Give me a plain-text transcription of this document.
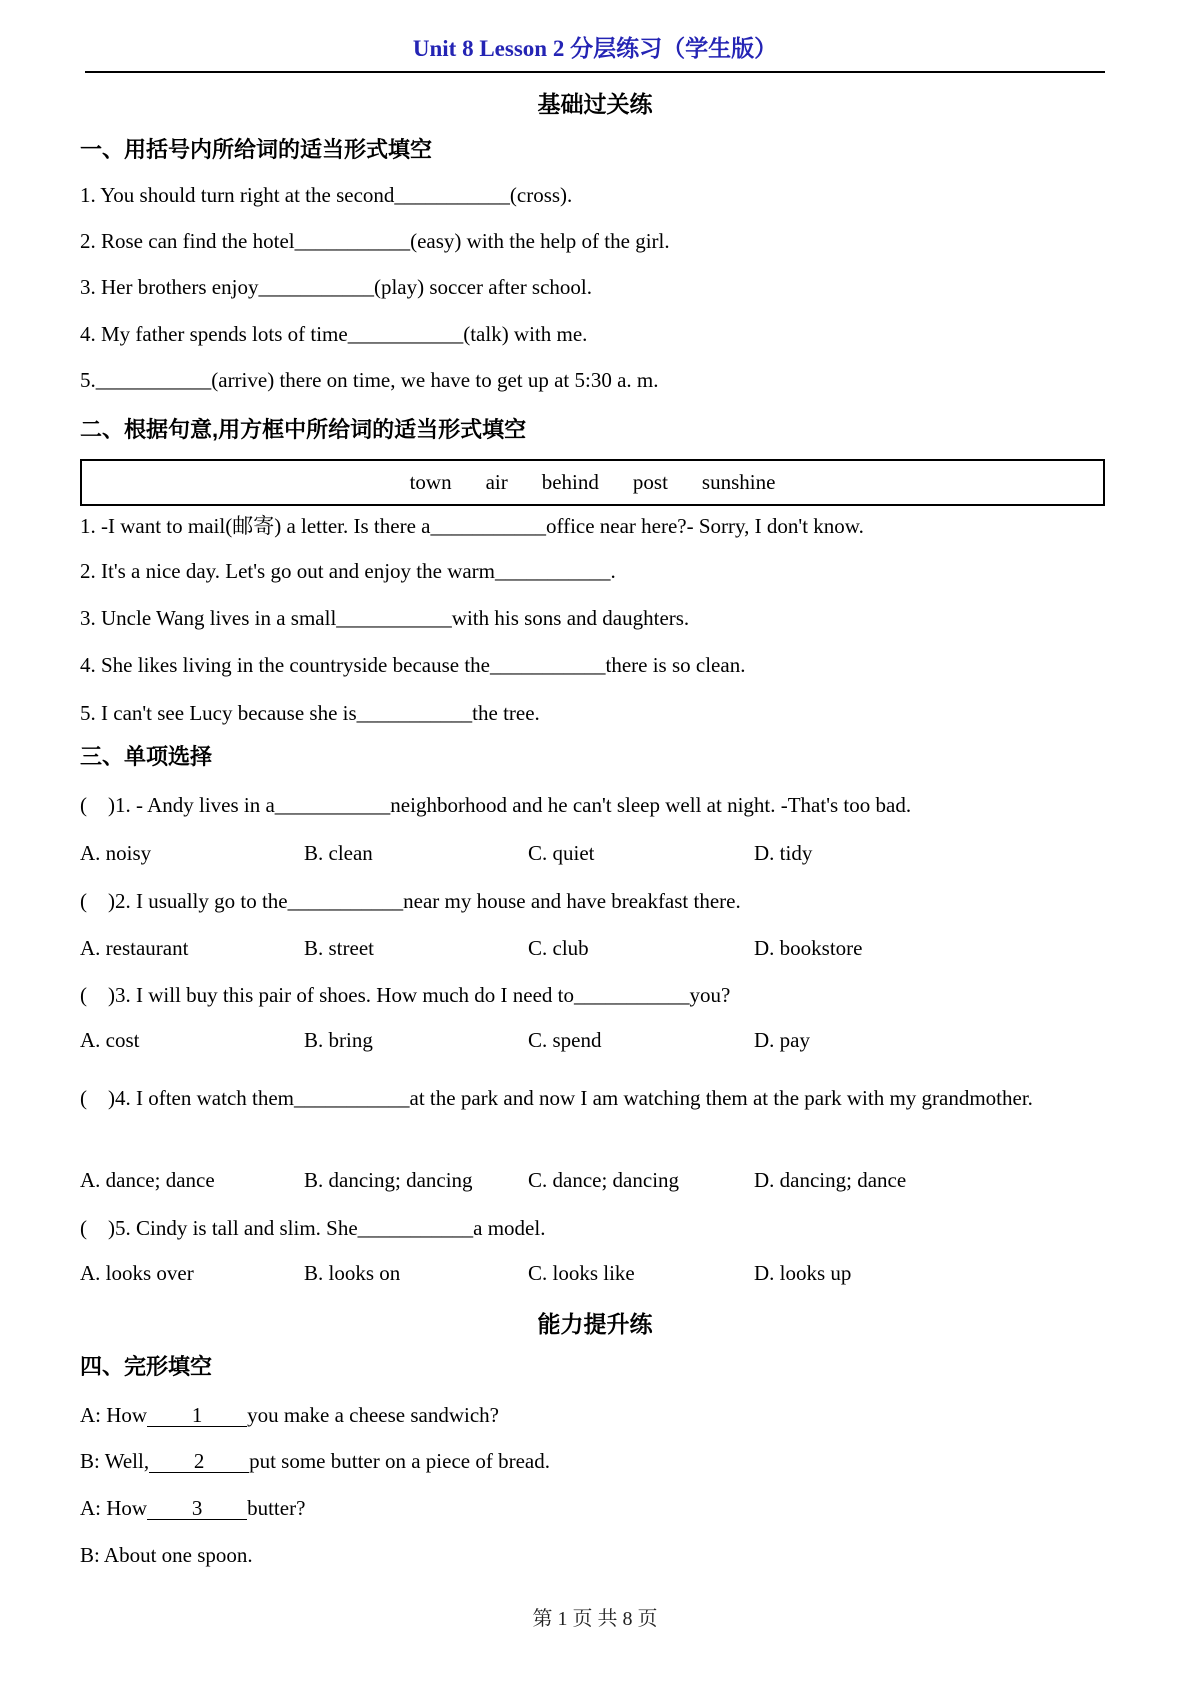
Unit 8 Lesson 2 分层练习（学生版）
基础过关练
一、用括号内所给词的适当形式填空
1. You should turn right at the second___________(cross).
2. Rose can find the hotel___________(easy) with the help of the girl.
3. Her brothers enjoy___________(play) soccer after school.
4. My father spends lots of time___________(talk) with me.
5.___________(arrive) there on time, we have to get up at 5:30 a. m.
二、根据句意,用方框中所给词的适当形式填空
town air behind post sunshine
1. -I want to mail(邮寄) a letter. Is there a___________office near here?- Sorry, I don't know.
2. It's a nice day. Let's go out and enjoy the warm___________.
3. Uncle Wang lives in a small___________with his sons and daughters.
4. She likes living in the countryside because the___________there is so clean.
5. I can't see Lucy because she is___________the tree.
三、单项选择
(    )1. - Andy lives in a___________neighborhood and he can't sleep well at night. -That's too bad.
A. noisy	B. clean	C. quiet	D. tidy
(    )2. I usually go to the___________near my house and have breakfast there.
A. restaurant	B. street	C. club	D. bookstore
(    )3. I will buy this pair of shoes. How much do I need to___________you?
A. cost	B. bring	C. spend	D. pay
(    )4. I often watch them___________at the park and now I am watching them at the park with my grandmother.
A. dance; dance	B. dancing; dancing	C. dance; dancing	D. dancing; dance
(    )5. Cindy is tall and slim. She___________a model.
A. looks over	B. looks on	C. looks like	D. looks up
能力提升练
四、完形填空
A: How 1 you make a cheese sandwich?
B: Well, 2 put some butter on a piece of bread.
A: How 3 butter?
B: About one spoon.
第 1 页 共 8 页
